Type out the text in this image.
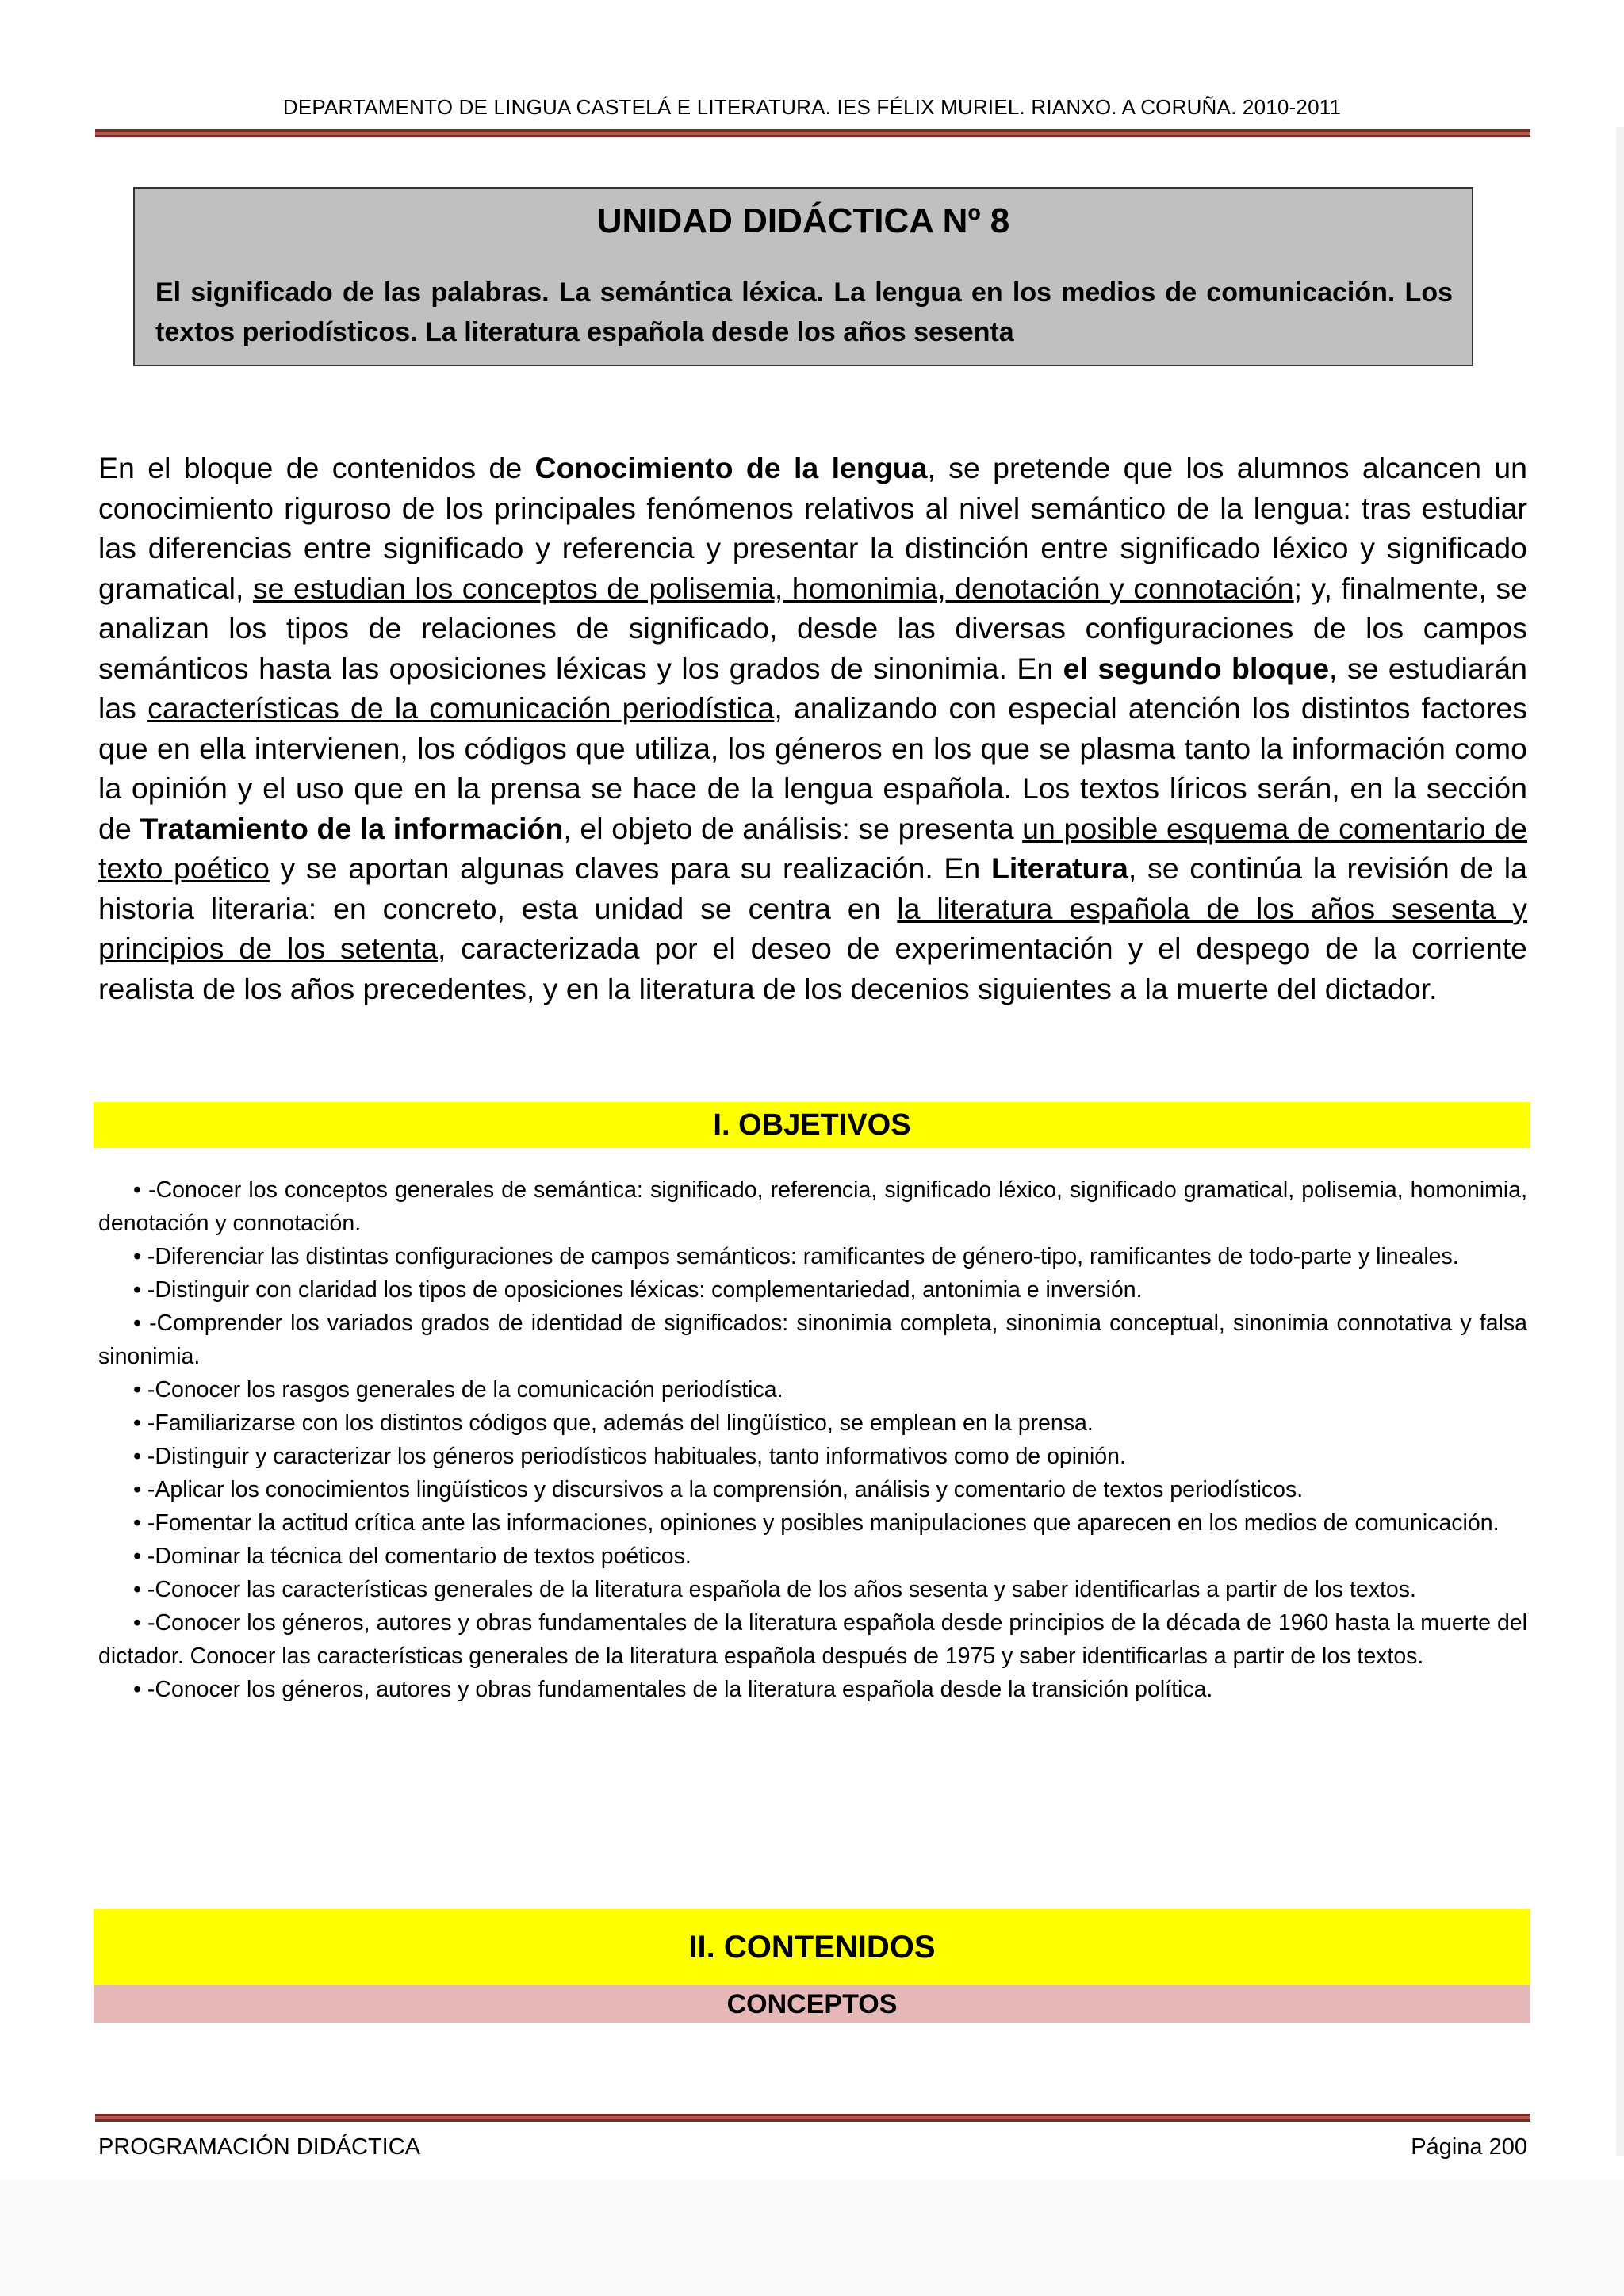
DEPARTAMENTO DE LINGUA CASTELÁ E LITERATURA. IES FÉLIX MURIEL. RIANXO. A CORUÑA. 2010-2011
UNIDAD DIDÁCTICA Nº 8
El significado de las palabras. La semántica léxica. La lengua en los medios de comunicación. Los textos periodísticos. La literatura española desde los años sesenta
En el bloque de contenidos de Conocimiento de la lengua, se pretende que los alumnos alcancen un conocimiento riguroso de los principales fenómenos relativos al nivel semántico de la lengua: tras estudiar las diferencias entre significado y referencia y presentar la distinción entre significado léxico y significado gramatical, se estudian los conceptos de polisemia, homonimia, denotación y connotación; y, finalmente, se analizan los tipos de relaciones de significado, desde las diversas configuraciones de los campos semánticos hasta las oposiciones léxicas y los grados de sinonimia. En el segundo bloque, se estudiarán las características de la comunicación periodística, analizando con especial atención los distintos factores que en ella intervienen, los códigos que utiliza, los géneros en los que se plasma tanto la información como la opinión y el uso que en la prensa se hace de la lengua española. Los textos líricos serán, en la sección de Tratamiento de la información, el objeto de análisis: se presenta un posible esquema de comentario de texto poético y se aportan algunas claves para su realización. En Literatura, se continúa la revisión de la historia literaria: en concreto, esta unidad se centra en la literatura española de los años sesenta y principios de los setenta, caracterizada por el deseo de experimentación y el despego de la corriente realista de los años precedentes, y en la literatura de los decenios siguientes a la muerte del dictador.
I. OBJETIVOS

• -Conocer los conceptos generales de semántica: significado, referencia, significado léxico, significado gramatical, polisemia, homonimia, denotación y connotación.

• -Diferenciar las distintas configuraciones de campos semánticos: ramificantes de género-tipo, ramificantes de todo-parte y lineales.

• -Distinguir con claridad los tipos de oposiciones léxicas: complementariedad, antonimia e inversión.

• -Comprender los variados grados de identidad de significados: sinonimia completa, sinonimia conceptual, sinonimia connotativa y falsa sinonimia.

• -Conocer los rasgos generales de la comunicación periodística.

• -Familiarizarse con los distintos códigos que, además del lingüístico, se emplean en la prensa.

• -Distinguir y caracterizar los géneros periodísticos habituales, tanto informativos como de opinión.

• -Aplicar los conocimientos lingüísticos y discursivos a la comprensión, análisis y comentario de textos periodísticos.

• -Fomentar la actitud crítica ante las informaciones, opiniones y posibles manipulaciones que aparecen en los medios de comunicación.

• -Dominar la técnica del comentario de textos poéticos.

• -Conocer las características generales de la literatura española de los años sesenta y saber identificarlas a partir de los textos.

• -Conocer los géneros, autores y obras fundamentales de la literatura española desde principios de la década de 1960 hasta la muerte del dictador. Conocer las características generales de la literatura española después de 1975 y saber identificarlas a partir de los textos.

• -Conocer los géneros, autores y obras fundamentales de la literatura española desde la transición política.

II. CONTENIDOS
CONCEPTOS
PROGRAMACIÓN DIDÁCTICA	Página 200
